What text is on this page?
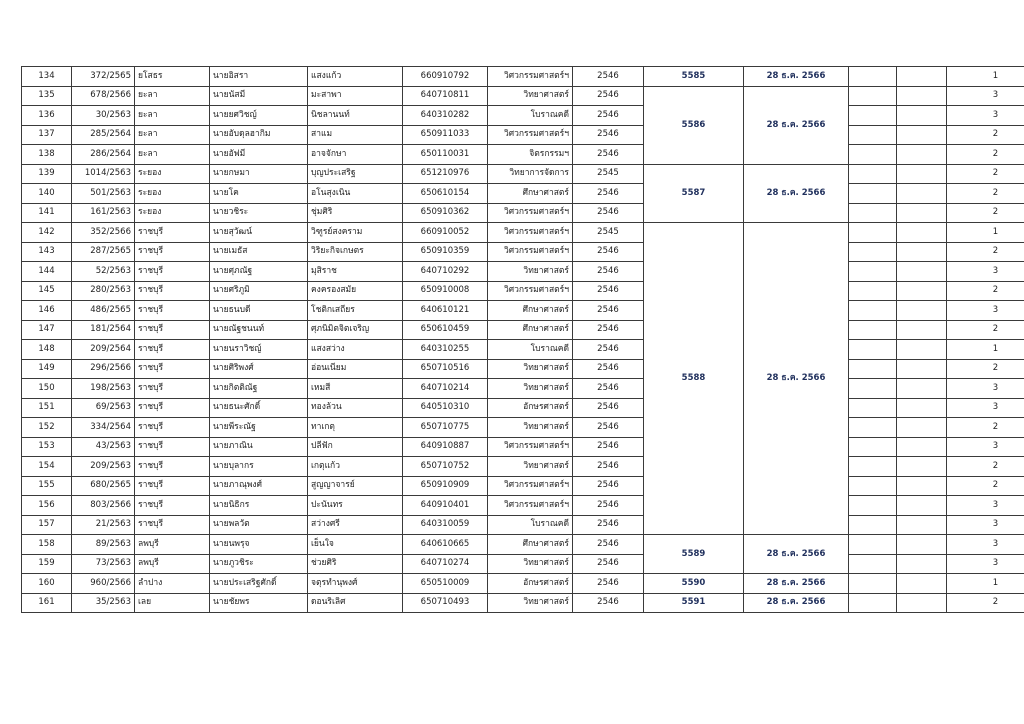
134	372/2565	ยโสธร	นายอิสรา	แสงแก้ว	660910792	วิศวกรรมศาสตร์ฯ	2546	5585	28 ธ.ค. 2566			1
135	678/2566	ยะลา	นายนัสมี	มะสาพา	640710811	วิทยาศาสตร์	2546	5586	28 ธ.ค. 2566			3
136	30/2563	ยะลา	นายยศวิชญ์	นิชลานนท์	640310282	โบราณคดี	2546					3
137	285/2564	ยะลา	นายอับดุลฮากิม	สาแม	650911033	วิศวกรรมศาสตร์ฯ	2546					2
138	286/2564	ยะลา	นายอัฟมี	อาจจักษา	650110031	จิตรกรรมฯ	2546					2
139	1014/2563	ระยอง	นายกษมา	บุญประเสริฐ	651210976	วิทยาการจัดการ	2545	5587	28 ธ.ค. 2566			2
140	501/2563	ระยอง	นายโค	อโนสุงเนิน	650610154	ศึกษาศาสตร์	2546					2
141	161/2563	ระยอง	นายวชิระ	ชุ่มศิริ	650910362	วิศวกรรมศาสตร์ฯ	2546					2
142	352/2566	ราชบุรี	นายสุวัฒน์	วิฑูรย์สงคราม	660910052	วิศวกรรมศาสตร์ฯ	2545	5588	28 ธ.ค. 2566			1
143	287/2565	ราชบุรี	นายเมธัส	วิริยะกิจเกษตร	650910359	วิศวกรรมศาสตร์ฯ	2546					2
144	52/2563	ราชบุรี	นายศุภณัฐ	มุสิราช	640710292	วิทยาศาสตร์	2546					3
145	280/2563	ราชบุรี	นายศริภูมิ	คงครองสมัย	650910008	วิศวกรรมศาสตร์ฯ	2546					2
146	486/2565	ราชบุรี	นายธนบดี	โชติกเสถียร	640610121	ศึกษาศาสตร์	2546					3
147	181/2564	ราชบุรี	นายณัฐชนนท์	ศุภนิมิตจิตเจริญ	650610459	ศึกษาศาสตร์	2546					2
148	209/2564	ราชบุรี	นายนราวิชญ์	แสงสว่าง	640310255	โบราณคดี	2546					1
149	296/2566	ราชบุรี	นายศิริพงศ์	อ่อนเนียม	650710516	วิทยาศาสตร์	2546					2
150	198/2563	ราชบุรี	นายกิตติณัฐ	เหมสี	640710214	วิทยาศาสตร์	2546					3
151	69/2563	ราชบุรี	นายธนะศักดิ์	ทองล้วน	640510310	อักษรศาสตร์	2546					3
152	334/2564	ราชบุรี	นายพีระณัฐ	ทาเกตุ	650710775	วิทยาศาสตร์	2546					2
153	43/2563	ราชบุรี	นายภาณิน	ปลีฟัก	640910887	วิศวกรรมศาสตร์ฯ	2546					3
154	209/2563	ราชบุรี	นายบุลากร	เกตุแก้ว	650710752	วิทยาศาสตร์	2546					2
155	680/2565	ราชบุรี	นายภาณุพงศ์	สูญญาจารย์	650910909	วิศวกรรมศาสตร์ฯ	2546					2
156	803/2566	ราชบุรี	นายนิธิกร	ปะนันทร	640910401	วิศวกรรมศาสตร์ฯ	2546					3
157	21/2563	ราชบุรี	นายพลวัต	สว่างศรี	640310059	โบราณคดี	2546					3
158	89/2563	ลพบุรี	นายนพรุจ	เย็นใจ	640610665	ศึกษาศาสตร์	2546	5589	28 ธ.ค. 2566			3
159	73/2563	ลพบุรี	นายภูวชิระ	ช่วยศิริ	640710274	วิทยาศาสตร์	2546					3
160	960/2566	ลำปาง	นายประเสริฐศักดิ์	จตุรทำนุพงศ์	650510009	อักษรศาสตร์	2546	5590	28 ธ.ค. 2566			1
161	35/2563	เลย	นายชัยพร	ดอนริเลิศ	650710493	วิทยาศาสตร์	2546	5591	28 ธ.ค. 2566			2
